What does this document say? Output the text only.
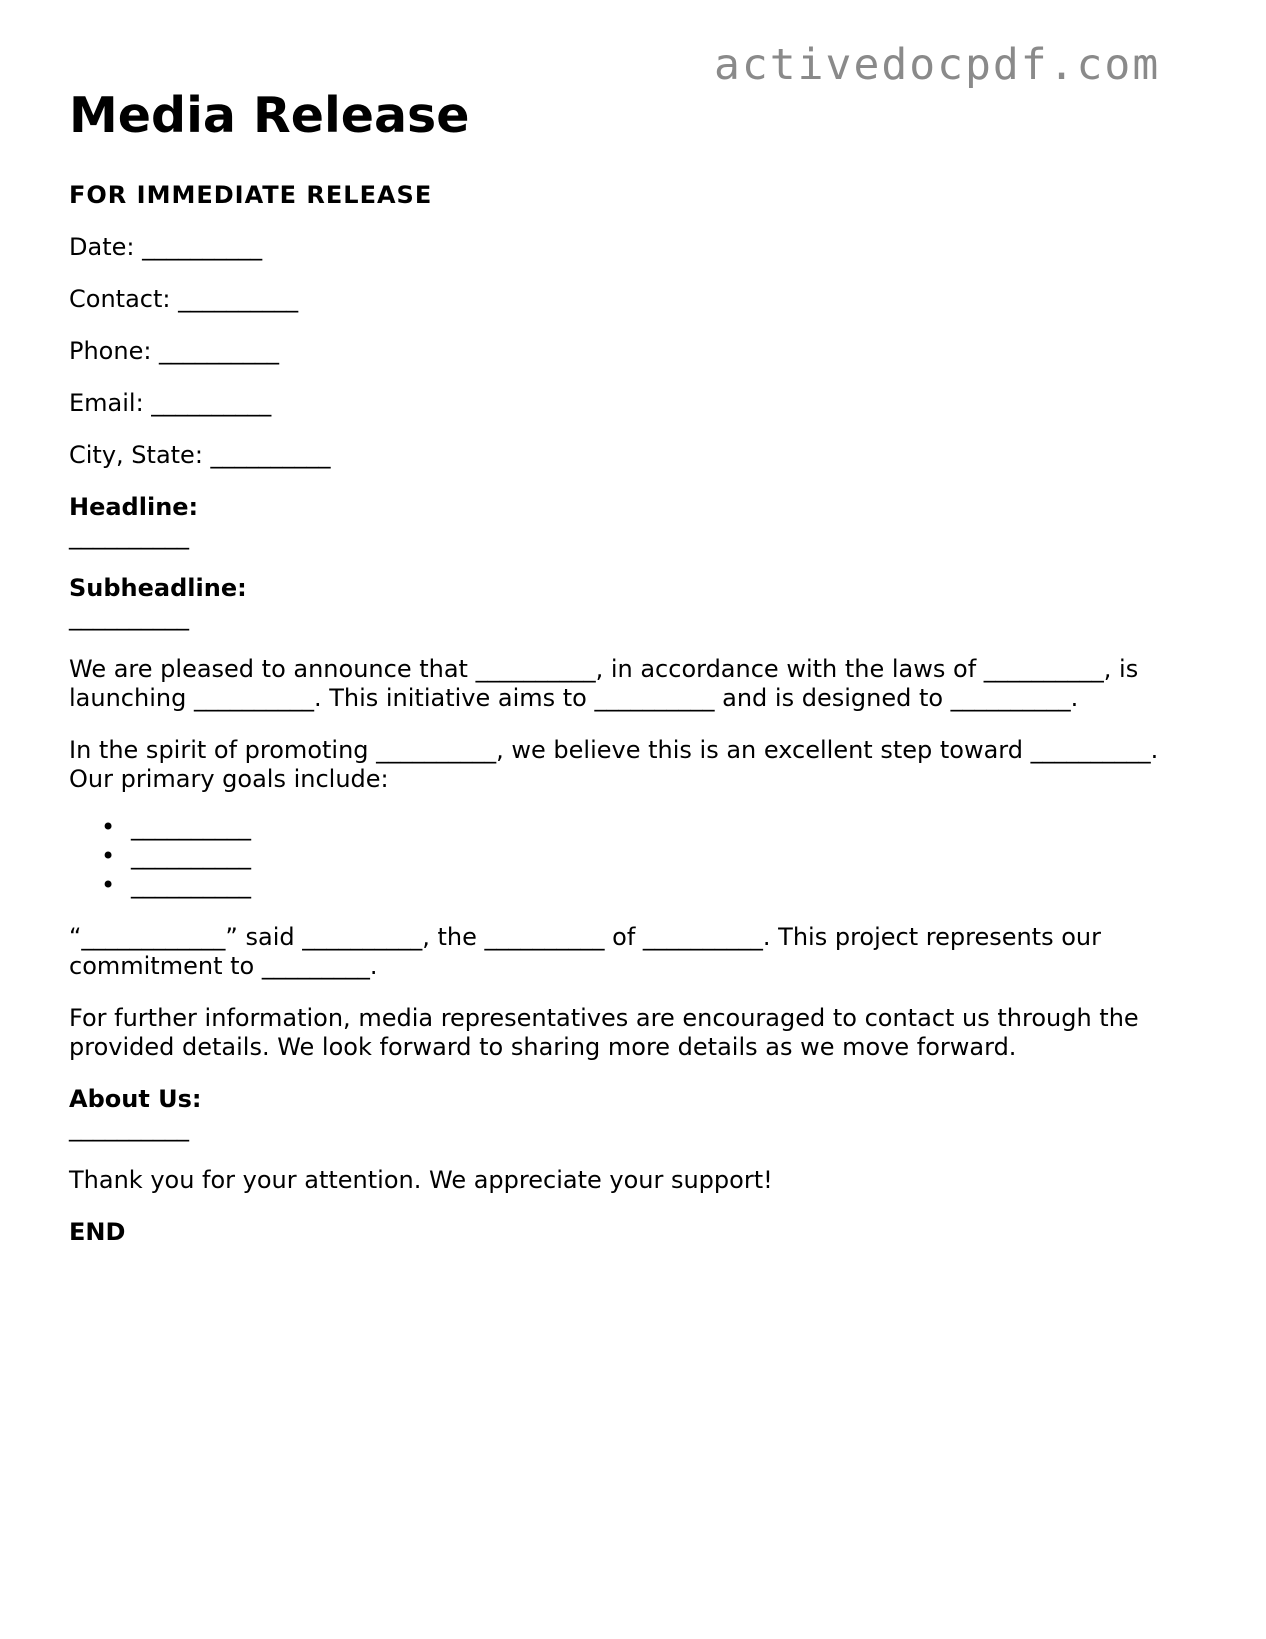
activedocpdf.com
Media Release

FOR IMMEDIATE RELEASE

Date: __________

Contact: __________

Phone: __________

Email: __________

City, State: __________

Headline:
__________
Subheadline:
__________

We are pleased to announce that __________, in accordance with the laws of __________, is launching __________. This initiative aims to __________ and is designed to __________.

In the spirit of promoting __________, we believe this is an excellent step toward __________. Our primary goals include:

• __________
• __________
• __________

“____________” said __________, the __________ of __________. This project represents our commitment to _________.

For further information, media representatives are encouraged to contact us through the provided details. We look forward to sharing more details as we move forward.

About Us:
__________

Thank you for your attention. We appreciate your support!

END
